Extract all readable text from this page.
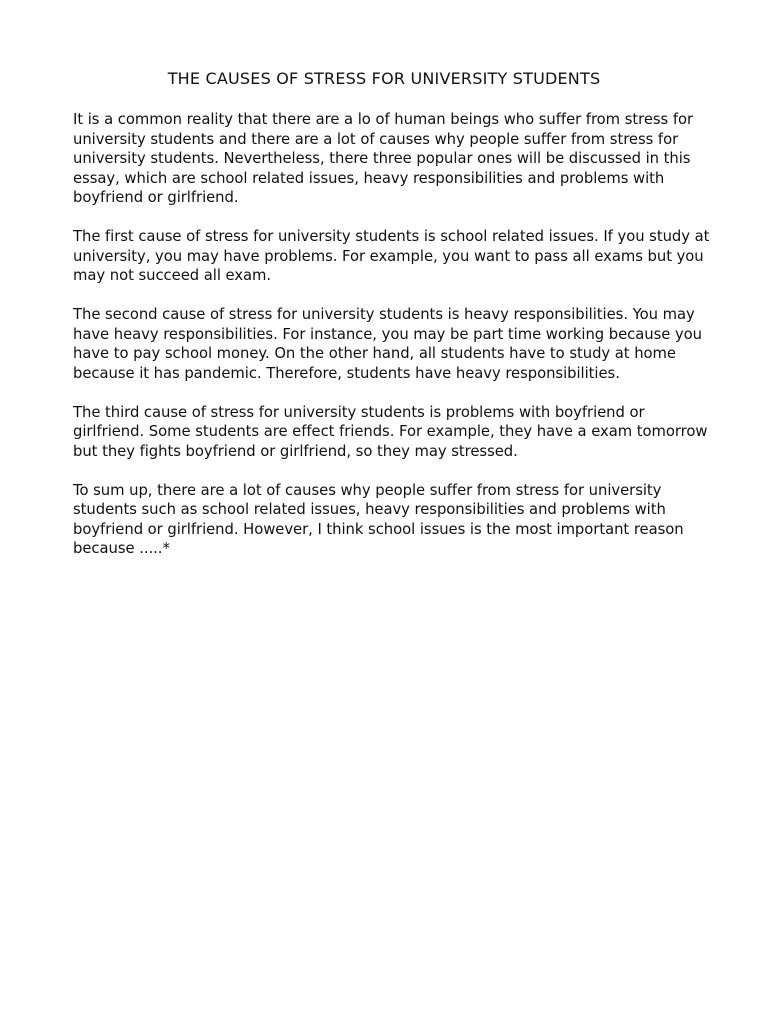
THE CAUSES OF STRESS FOR UNIVERSITY STUDENTS

It is a common reality that there are a lo of human beings who suffer from stress for university students and there are a lot of causes why people suffer from stress for university students. Nevertheless, there three popular ones will be discussed in this essay, which are school related issues, heavy responsibilities and problems with boyfriend or girlfriend.

The first cause of stress for university students is school related issues. If you study at university, you may have problems. For example, you want to pass all exams but you may not succeed all exam.

The second cause of stress for university students is heavy responsibilities. You may have heavy responsibilities. For instance, you may be part time working because you have to pay school money. On the other hand, all students have to study at home because it has pandemic. Therefore, students have heavy responsibilities.

The third cause of stress for university students is problems with boyfriend or girlfriend. Some students are effect friends. For example, they have a exam tomorrow but they fights boyfriend or girlfriend, so they may stressed.

To sum up, there are a lot of causes why people suffer from stress for university students such as school related issues, heavy responsibilities and problems with boyfriend or girlfriend. However, I think school issues is the most important reason because .....*
